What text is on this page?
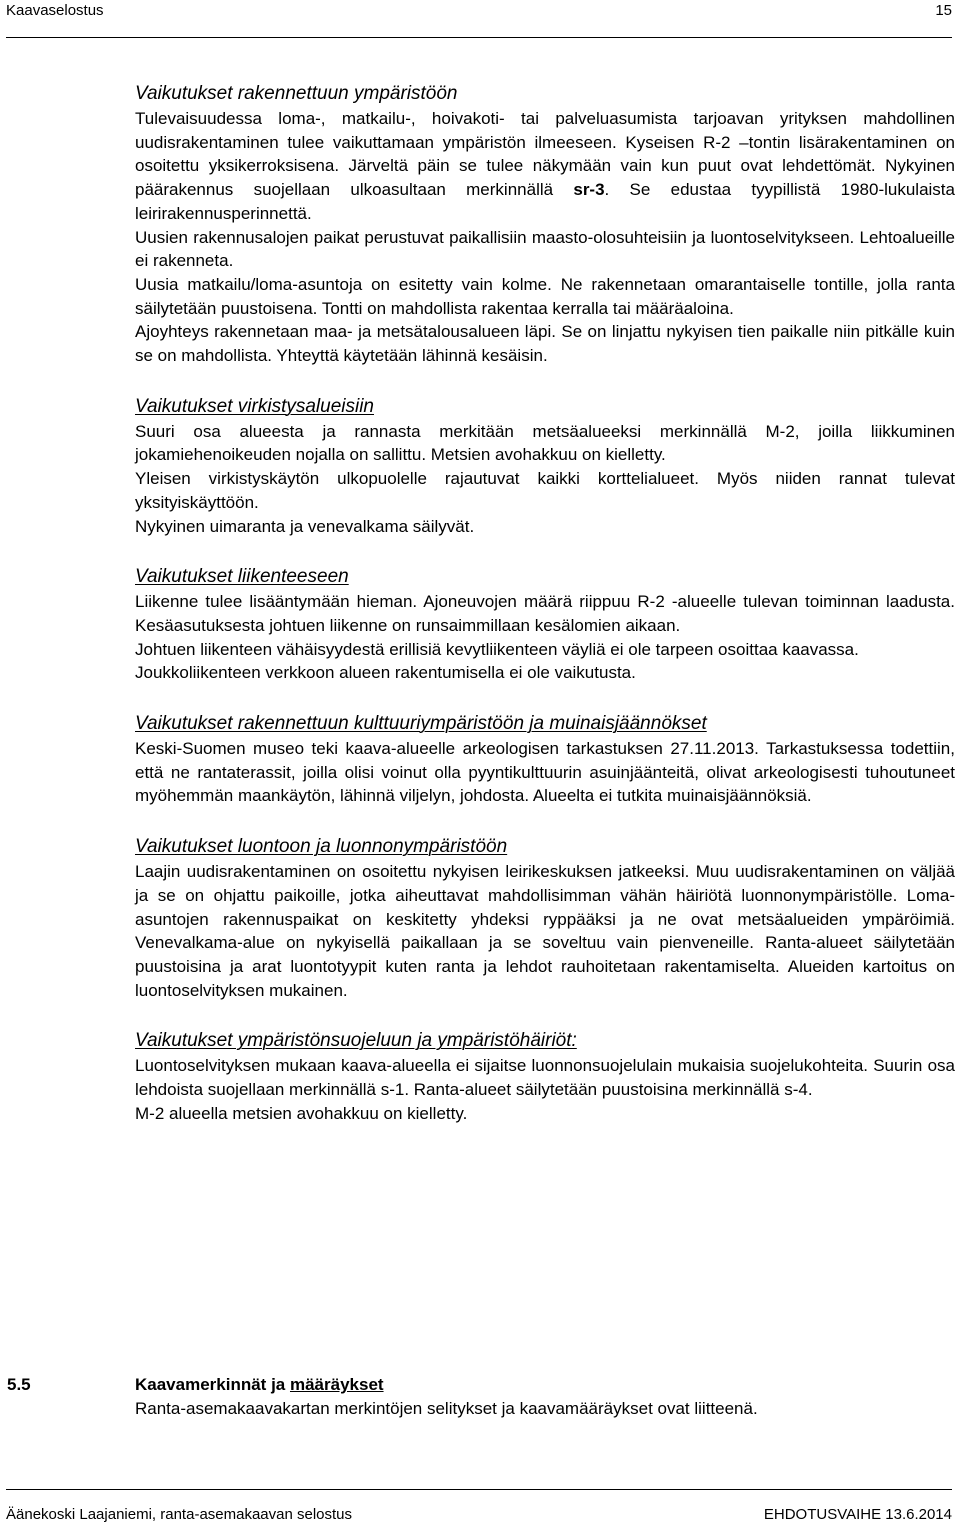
Kaavaselostus	15
Vaikutukset rakennettuun ympäristöön
Tulevaisuudessa loma-, matkailu-, hoivakoti- tai palveluasumista tarjoavan yrityksen mahdollinen uudisrakentaminen tulee vaikuttamaan ympäristön ilmeeseen. Kyseisen R-2 –tontin lisärakentaminen on osoitettu yksikerroksisena. Järveltä päin se tulee näkymään vain kun puut ovat lehdettömät. Nykyinen päärakennus suojellaan ulkoasultaan merkinnällä sr-3. Se edustaa tyypillistä 1980-lukulaista leirirakennusperinnettä.
Uusien rakennusalojen paikat perustuvat paikallisiin maasto-olosuhteisiin ja luontoselvitykseen. Lehtoalueille ei rakenneta.
Uusia matkailu/loma-asuntoja on esitetty vain kolme. Ne rakennetaan omarantaiselle tontille, jolla ranta säilytetään puustoisena. Tontti on mahdollista rakentaa kerralla tai määräaloina.
Ajoyhteys rakennetaan maa- ja metsätalousalueen läpi. Se on linjattu nykyisen tien paikalle niin pitkälle kuin se on mahdollista. Yhteyttä käytetään lähinnä kesäisin.
Vaikutukset virkistysalueisiin
Suuri osa alueesta ja rannasta merkitään metsäalueeksi merkinnällä M-2, joilla liikkuminen jokamiehenoikeuden nojalla on sallittu. Metsien avohakkuu on kielletty.
Yleisen virkistyskäytön ulkopuolelle rajautuvat kaikki korttelialueet. Myös niiden rannat tulevat yksityiskäyttöön.
Nykyinen uimaranta ja venevalkama säilyvät.
Vaikutukset liikenteeseen
Liikenne tulee lisääntymään hieman. Ajoneuvojen määrä riippuu R-2 -alueelle tulevan toiminnan laadusta. Kesäasutuksesta johtuen liikenne on runsaimmillaan kesälomien aikaan.
Johtuen liikenteen vähäisyydestä erillisiä kevytliikenteen väyliä ei ole tarpeen osoittaa kaavassa.
Joukkoliikenteen verkkoon alueen rakentumisella ei ole vaikutusta.
Vaikutukset rakennettuun kulttuuriympäristöön ja muinaisjäännökset
Keski-Suomen museo teki kaava-alueelle arkeologisen tarkastuksen 27.11.2013. Tarkastuksessa todettiin, että ne rantaterassit, joilla olisi voinut olla pyyntikulttuurin asuinjäänteitä, olivat arkeologisesti tuhoutuneet myöhemmän maankäytön, lähinnä viljelyn, johdosta. Alueelta ei tutkita muinaisjäännöksiä.
Vaikutukset luontoon ja luonnonympäristöön
Laajin uudisrakentaminen on osoitettu nykyisen leirikeskuksen jatkeeksi. Muu uudisrakentaminen on väljää ja se on ohjattu paikoille, jotka aiheuttavat mahdollisimman vähän häiriötä luonnonympäristölle. Loma-asuntojen rakennuspaikat on keskitetty yhdeksi ryppääksi ja ne ovat metsäalueiden ympäröimiä. Venevalkama-alue on nykyisellä paikallaan ja se soveltuu vain pienveneille. Ranta-alueet säilytetään puustoisina ja arat luontotyypit kuten ranta ja lehdot rauhoitetaan rakentamiselta. Alueiden kartoitus on luontoselvityksen mukainen.
Vaikutukset ympäristönsuojeluun ja ympäristöhäiriöt:
Luontoselvityksen mukaan kaava-alueella ei sijaitse luonnonsuojelulain mukaisia suojelukohteita. Suurin osa lehdoista suojellaan merkinnällä s-1. Ranta-alueet säilytetään puustoisina merkinnällä s-4.
M-2 alueella metsien avohakkuu on kielletty.
5.5	Kaavamerkinnät ja määräykset
Ranta-asemakaavakartan merkintöjen selitykset ja kaavamääräykset ovat liitteenä.
Äänekoski Laajaniemi, ranta-asemakaavan selostus	EHDOTUSVAIHE 13.6.2014
